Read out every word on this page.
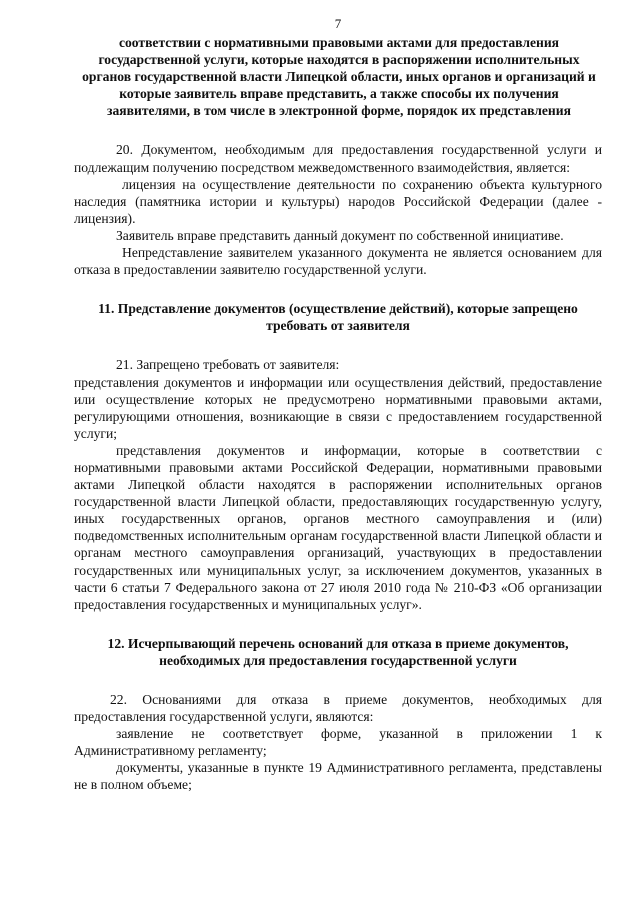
7

соответствии с нормативными правовыми актами для предоставления государственной услуги, которые находятся в распоряжении исполнительных органов государственной власти Липецкой области, иных органов и организаций и которые заявитель вправе представить, а также способы их получения заявителями, в том числе в электронной форме, порядок их представления

20. Документом, необходимым для предоставления государственной услуги и подлежащим получению посредством межведомственного взаимодействия, является:

лицензия на осуществление деятельности по сохранению объекта культурного наследия (памятника истории и культуры) народов Российской Федерации (далее - лицензия).

Заявитель вправе представить данный документ по собственной инициативе.

Непредставление заявителем указанного документа не является основанием для отказа в предоставлении заявителю государственной услуги.

11. Представление документов (осуществление действий), которые запрещено требовать от заявителя

21. Запрещено требовать от заявителя:

представления документов и информации или осуществления действий, предоставление или осуществление которых не предусмотрено нормативными правовыми актами, регулирующими отношения, возникающие в связи с предоставлением государственной услуги;

представления документов и информации, которые в соответствии с нормативными правовыми актами Российской Федерации, нормативными правовыми актами Липецкой области находятся в распоряжении исполнительных органов государственной власти Липецкой области, предоставляющих государственную услугу, иных государственных органов, органов местного самоуправления и (или) подведомственных исполнительным органам государственной власти Липецкой области и органам местного самоуправления организаций, участвующих в предоставлении государственных или муниципальных услуг, за исключением документов, указанных в части 6 статьи 7 Федерального закона от 27 июля 2010 года № 210-ФЗ «Об организации предоставления государственных и муниципальных услуг».

12. Исчерпывающий перечень оснований для отказа в приеме документов, необходимых для предоставления государственной услуги

22. Основаниями для отказа в приеме документов, необходимых для предоставления государственной услуги, являются:

заявление не соответствует форме, указанной в приложении 1 к Административному регламенту;

документы, указанные в пункте 19 Административного регламента, представлены не в полном объеме;
